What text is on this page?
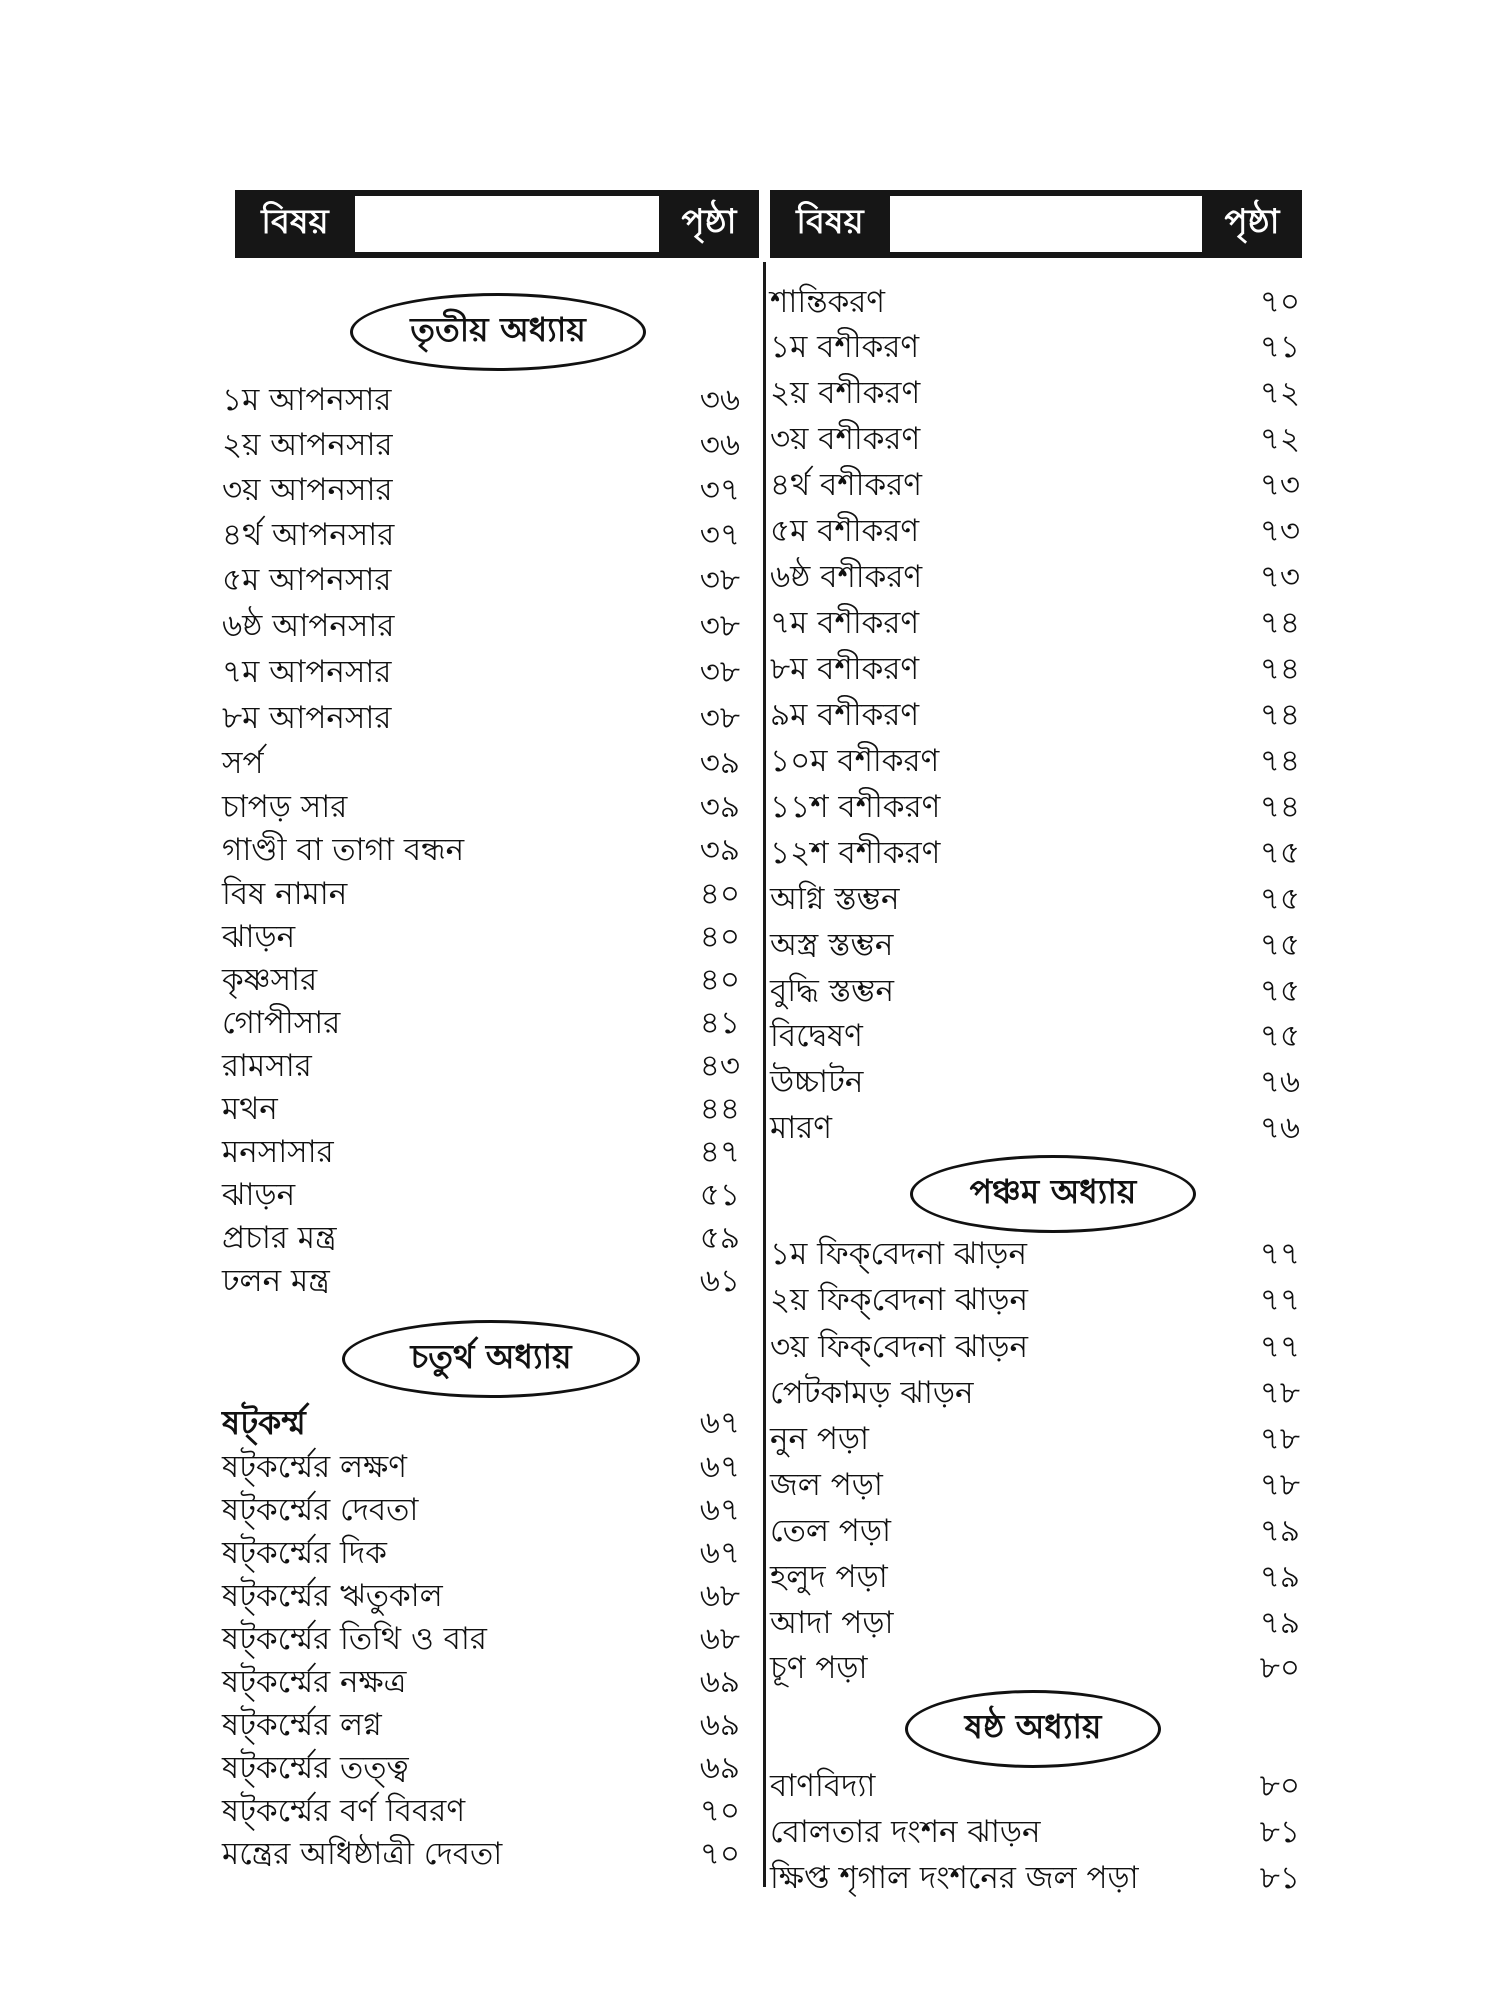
বিষয়	পৃষ্ঠা	বিষয়	পৃষ্ঠা
তৃতীয় অধ্যায়
১ম আপনসার	৩৬
২য় আপনসার	৩৬
৩য় আপনসার	৩৭
৪র্থ আপনসার	৩৭
৫ম আপনসার	৩৮
৬ষ্ঠ আপনসার	৩৮
৭ম আপনসার	৩৮
৮ম আপনসার	৩৮
সর্প	৩৯
চাপড় সার	৩৯
গাণ্ডী বা তাগা বন্ধন	৩৯
বিষ নামান	৪০
ঝাড়ন	৪০
কৃষ্ণসার	৪০
গোপীসার	৪১
রামসার	৪৩
মথন	৪৪
মনসাসার	৪৭
ঝাড়ন	৫১
প্রচার মন্ত্র	৫৯
ঢলন মন্ত্র	৬১
চতুর্থ অধ্যায়
ষট্‌কর্ম্ম	৬৭
ষট্‌কর্ম্মের লক্ষণ	৬৭
ষট্‌কর্ম্মের দেবতা	৬৭
ষট্‌কর্ম্মের দিক	৬৭
ষট্‌কর্ম্মের ঋতুকাল	৬৮
ষট্‌কর্ম্মের তিথি ও বার	৬৮
ষট্‌কর্ম্মের নক্ষত্র	৬৯
ষট্‌কর্ম্মের লগ্ন	৬৯
ষট্‌কর্ম্মের তত্ত্ব	৬৯
ষট্‌কর্ম্মের বর্ণ বিবরণ	৭০
মন্ত্রের অধিষ্ঠাত্রী দেবতা	৭০
শান্তিকরণ	৭০
১ম বশীকরণ	৭১
২য় বশীকরণ	৭২
৩য় বশীকরণ	৭২
৪র্থ বশীকরণ	৭৩
৫ম বশীকরণ	৭৩
৬ষ্ঠ বশীকরণ	৭৩
৭ম বশীকরণ	৭৪
৮ম বশীকরণ	৭৪
৯ম বশীকরণ	৭৪
১০ম বশীকরণ	৭৪
১১শ বশীকরণ	৭৪
১২শ বশীকরণ	৭৫
অগ্নি স্তম্ভন	৭৫
অস্ত্র স্তম্ভন	৭৫
বুদ্ধি স্তম্ভন	৭৫
বিদ্বেষণ	৭৫
উচ্চাটন	৭৬
মারণ	৭৬
পঞ্চম অধ্যায়
১ম ফিক্‌বেদনা ঝাড়ন	৭৭
২য় ফিক্‌বেদনা ঝাড়ন	৭৭
৩য় ফিক্‌বেদনা ঝাড়ন	৭৭
পেটকামড় ঝাড়ন	৭৮
নুন পড়া	৭৮
জল পড়া	৭৮
তেল পড়া	৭৯
হলুদ পড়া	৭৯
আদা পড়া	৭৯
চূণ পড়া	৮০
ষষ্ঠ অধ্যায়
বাণবিদ্যা	৮০
বোলতার দংশন ঝাড়ন	৮১
ক্ষিপ্ত শৃগাল দংশনের জল পড়া	৮১
